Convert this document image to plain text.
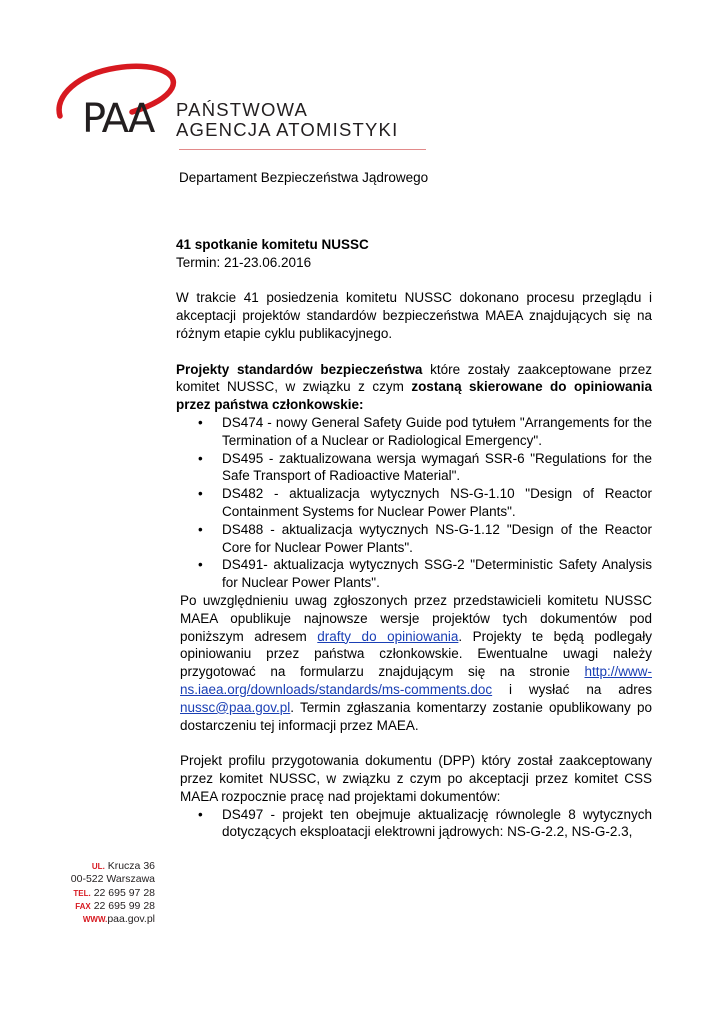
PAA PAŃSTWOWA
AGENCJA ATOMISTYKI
Departament Bezpieczeństwa Jądrowego

41 spotkanie komitetu NUSSC

Termin: 21-23.06.2016

W trakcie 41 posiedzenia komitetu NUSSC dokonano procesu przeglądu i akceptacji projektów standardów bezpieczeństwa MAEA znajdujących się na różnym etapie cyklu publikacyjnego.

Projekty standardów bezpieczeństwa które zostały zaakceptowane przez komitet NUSSC, w związku z czym zostaną skierowane do opiniowania przez państwa członkowskie:

• DS474 - nowy General Safety Guide pod tytułem "Arrangements for the Termination of a Nuclear or Radiological Emergency".
• DS495 - zaktualizowana wersja wymagań SSR-6 "Regulations for the Safe Transport of Radioactive Material".
• DS482 - aktualizacja wytycznych NS-G-1.10 "Design of Reactor Containment Systems for Nuclear Power Plants".
• DS488 - aktualizacja wytycznych NS-G-1.12 "Design of the Reactor Core for Nuclear Power Plants".
• DS491- aktualizacja wytycznych SSG-2 "Deterministic Safety Analysis for Nuclear Power Plants".

Po uwzględnieniu uwag zgłoszonych przez przedstawicieli komitetu NUSSC MAEA opublikuje najnowsze wersje projektów tych dokumentów pod poniższym adresem drafty do opiniowania. Projekty te będą podlegały opiniowaniu przez państwa członkowskie. Ewentualne uwagi należy przygotować na formularzu znajdującym się na stronie http://www-ns.iaea.org/downloads/standards/ms-comments.doc i wysłać na adres nussc@paa.gov.pl. Termin zgłaszania komentarzy zostanie opublikowany po dostarczeniu tej informacji przez MAEA.

Projekt profilu przygotowania dokumentu (DPP) który został zaakceptowany przez komitet NUSSC, w związku z czym po akceptacji przez komitet CSS MAEA rozpocznie pracę nad projektami dokumentów:

• DS497 - projekt ten obejmuje aktualizację równolegle 8 wytycznych dotyczących eksploatacji elektrowni jądrowych: NS-G-2.2, NS-G-2.3,
UL. Krucza 36
00-522 Warszawa
TEL. 22 695 97 28
FAX 22 695 99 28
WWW.paa.gov.pl
